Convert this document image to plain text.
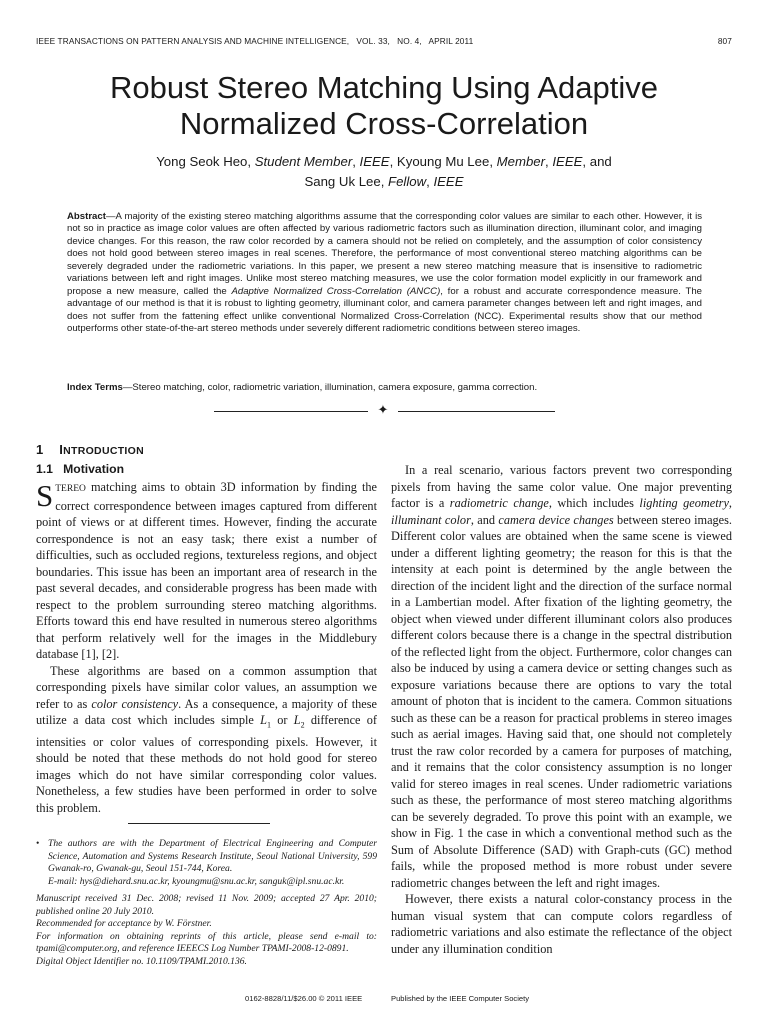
IEEE TRANSACTIONS ON PATTERN ANALYSIS AND MACHINE INTELLIGENCE,   VOL. 33,   NO. 4,   APRIL 2011	807
Robust Stereo Matching Using Adaptive
Normalized Cross-Correlation
Yong Seok Heo, Student Member, IEEE, Kyoung Mu Lee, Member, IEEE, and
Sang Uk Lee, Fellow, IEEE
Abstract—A majority of the existing stereo matching algorithms assume that the corresponding color values are similar to each other. However, it is not so in practice as image color values are often affected by various radiometric factors such as illumination direction, illuminant color, and imaging device changes. For this reason, the raw color recorded by a camera should not be relied on completely, and the assumption of color consistency does not hold good between stereo images in real scenes. Therefore, the performance of most conventional stereo matching algorithms can be severely degraded under the radiometric variations. In this paper, we present a new stereo matching measure that is insensitive to radiometric variations between left and right images. Unlike most stereo matching measures, we use the color formation model explicitly in our framework and propose a new measure, called the Adaptive Normalized Cross-Correlation (ANCC), for a robust and accurate correspondence measure. The advantage of our method is that it is robust to lighting geometry, illuminant color, and camera parameter changes between left and right images, and does not suffer from the fattening effect unlike conventional Normalized Cross-Correlation (NCC). Experimental results show that our method outperforms other state-of-the-art stereo methods under severely different radiometric conditions between stereo images.
Index Terms—Stereo matching, color, radiometric variation, illumination, camera exposure, gamma correction.
✦
1 INTRODUCTION
1.1   Motivation

STEREO matching aims to obtain 3D information by finding the correct correspondence between images captured from different point of views or at different times. However, finding the accurate correspondence is not an easy task; there exist a number of difficulties, such as occluded regions, textureless regions, and object boundaries. This issue has been an important area of research in the past several decades, and considerable progress has been made with respect to the problem surrounding stereo matching algorithms. Efforts toward this end have resulted in numerous stereo algorithms that perform relatively well for the images in the Middlebury database [1], [2].

These algorithms are based on a common assumption that corresponding pixels have similar color values, an assumption we refer to as color consistency. As a consequence, a majority of these utilize a data cost which includes simple $L_1$ or $L_2$ difference of intensities or color values of corresponding pixels. However, it should be noted that these methods do not hold good for stereo images which do not have similar corresponding color values. Nonetheless, a few studies have been performed in order to solve this problem.

• The authors are with the Department of Electrical Engineering and Computer Science, Automation and Systems Research Institute, Seoul National University, 599 Gwanak-ro, Gwanak-gu, Seoul 151-744, Korea.

E-mail: hys@diehard.snu.ac.kr, kyoungmu@snu.ac.kr, sanguk@ipl.snu.ac.kr.

Manuscript received 31 Dec. 2008; revised 11 Nov. 2009; accepted 27 Apr. 2010; published online 20 July 2010.

Recommended for acceptance by W. Förstner.

For information on obtaining reprints of this article, please send e-mail to: tpami@computer.org, and reference IEEECS Log Number TPAMI-2008-12-0891.

Digital Object Identifier no. 10.1109/TPAMI.2010.136.

In a real scenario, various factors prevent two corresponding pixels from having the same color value. One major preventing factor is a radiometric change, which includes lighting geometry, illuminant color, and camera device changes between stereo images. Different color values are obtained when the same scene is viewed under a different lighting geometry; the reason for this is that the intensity at each point is determined by the angle between the direction of the incident light and the direction of the surface normal in a Lambertian model. After fixation of the lighting geometry, the object when viewed under different illuminant colors also produces different colors because there is a change in the spectral distribution of the reflected light from the object. Furthermore, color changes can also be induced by using a camera device or setting changes such as exposure variations because there are options to vary the total amount of photon that is incident to the camera. Common situations such as these can be a reason for practical problems in stereo images such as aerial images. Having said that, one should not completely trust the raw color recorded by a camera for purposes of matching, and it remains that the color consistency assumption is no longer valid for stereo images in real scenes. Under radiometric variations such as these, the performance of most stereo matching algorithms can be severely degraded. To prove this point with an example, we show in Fig. 1 the case in which a conventional method such as the Sum of Absolute Difference (SAD) with Graph-cuts (GC) method fails, while the proposed method is more robust under severe radiometric changes between the left and right images.

However, there exists a natural color-constancy process in the human visual system that can compute colors regardless of radiometric variations and also estimate the reflectance of the object under any illumination condition

0162-8828/11/$26.00 © 2011 IEEE	Published by the IEEE Computer Society
